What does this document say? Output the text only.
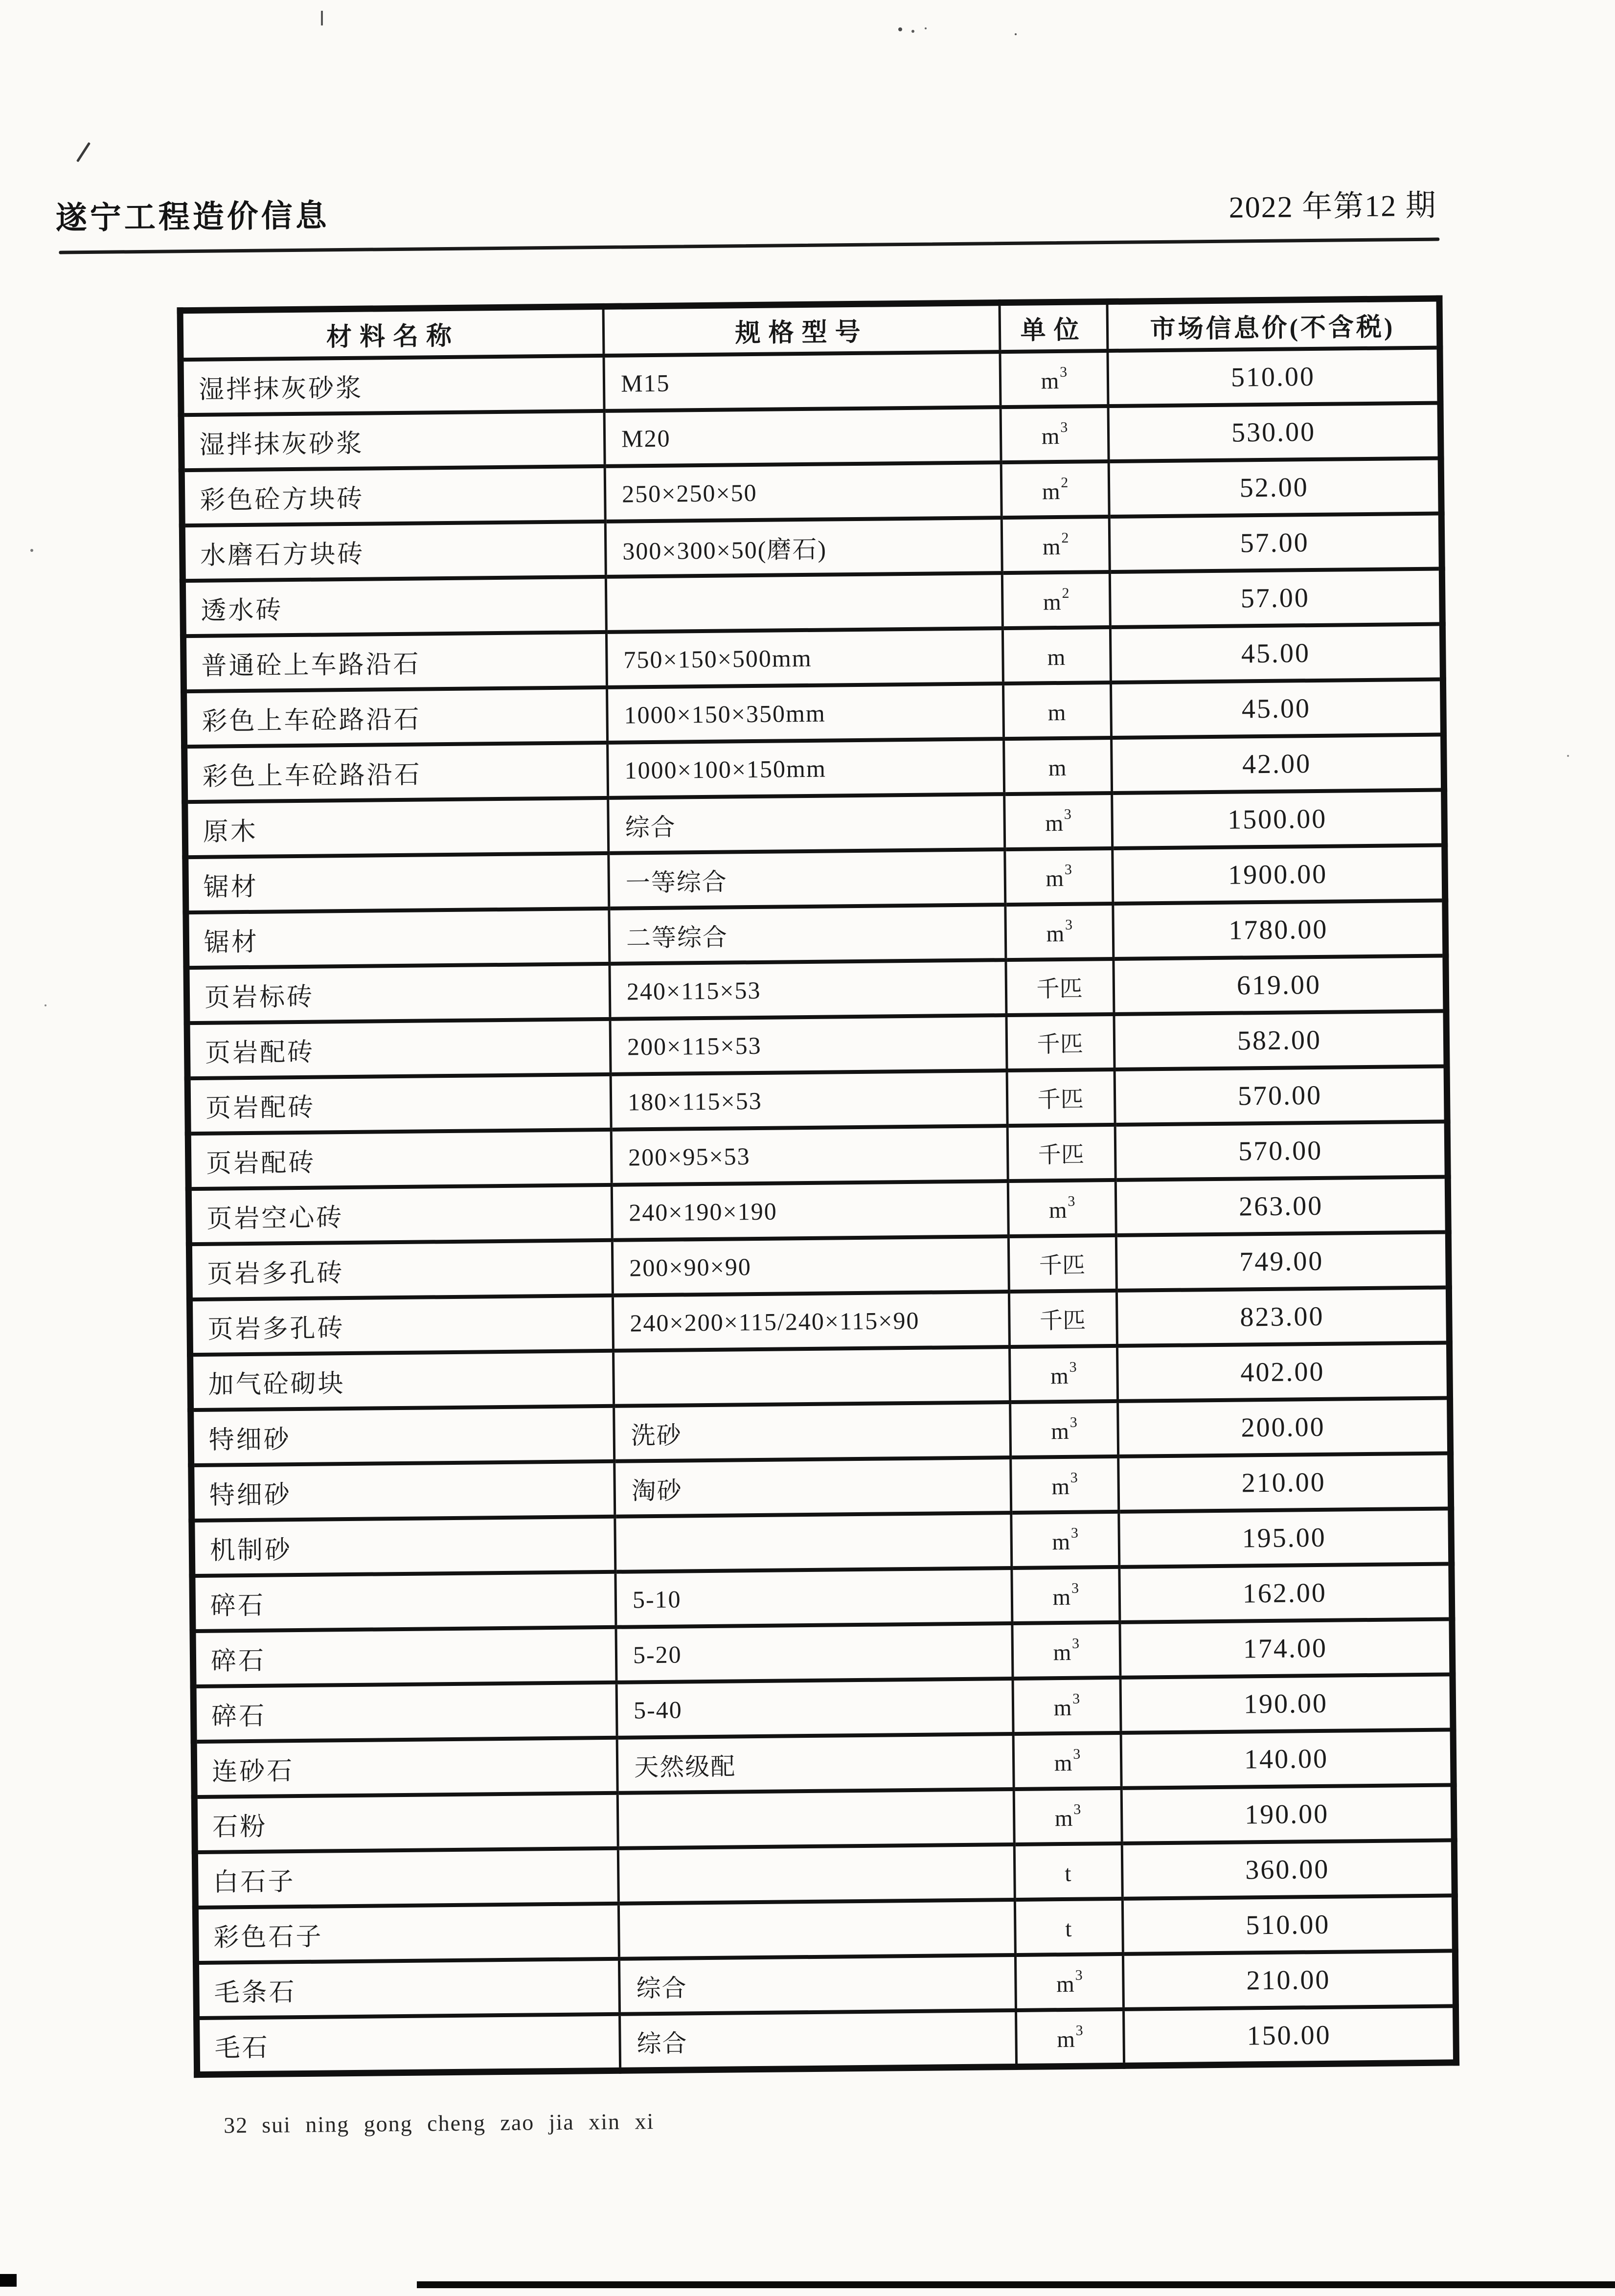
遂宁工程造价信息	2022 年第12 期
材料名称	规格型号	单位	市场信息价(不含税)
湿拌抹灰砂浆	M15	$m^3$	510.00
湿拌抹灰砂浆	M20	$m^3$	530.00
彩色砼方块砖	250×250×50	$m^2$	52.00
水磨石方块砖	300×300×50(磨石)	$m^2$	57.00
透水砖		$m^2$	57.00
普通砼上车路沿石	750×150×500mm	m	45.00
彩色上车砼路沿石	1000×150×350mm	m	45.00
彩色上车砼路沿石	1000×100×150mm	m	42.00
原木	综合	$m^3$	1500.00
锯材	一等综合	$m^3$	1900.00
锯材	二等综合	$m^3$	1780.00
页岩标砖	240×115×53	千匹	619.00
页岩配砖	200×115×53	千匹	582.00
页岩配砖	180×115×53	千匹	570.00
页岩配砖	200×95×53	千匹	570.00
页岩空心砖	240×190×190	$m^3$	263.00
页岩多孔砖	200×90×90	千匹	749.00
页岩多孔砖	240×200×115/240×115×90	千匹	823.00
加气砼砌块		$m^3$	402.00
特细砂	洗砂	$m^3$	200.00
特细砂	淘砂	$m^3$	210.00
机制砂		$m^3$	195.00
碎石	5-10	$m^3$	162.00
碎石	5-20	$m^3$	174.00
碎石	5-40	$m^3$	190.00
连砂石	天然级配	$m^3$	140.00
石粉		$m^3$	190.00
白石子		t	360.00
彩色石子		t	510.00
毛条石	综合	$m^3$	210.00
毛石	综合	$m^3$	150.00
32 sui ning gong cheng zao jia xin xi
